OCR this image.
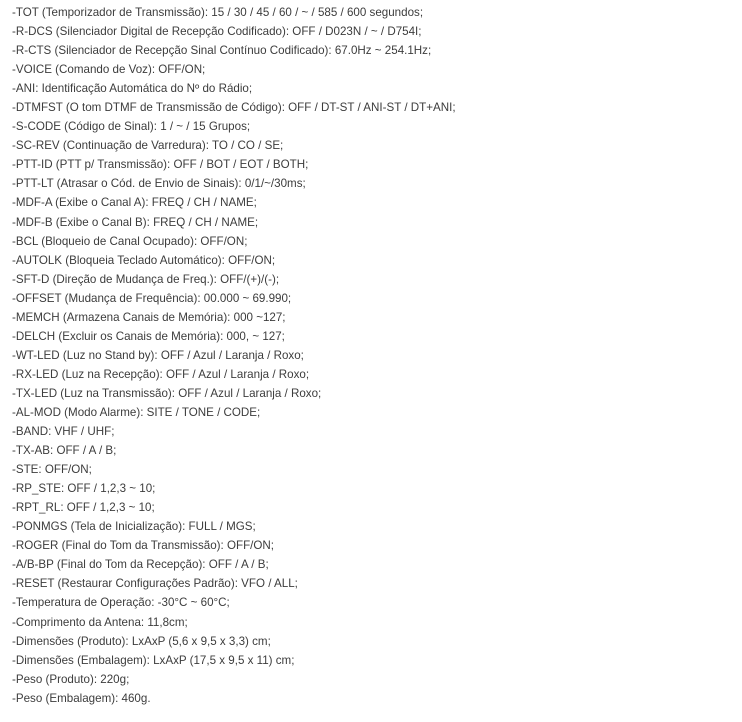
-TOT (Temporizador de Transmissão): 15 / 30 / 45 / 60 / ~ / 585 / 600 segundos;
-R-DCS (Silenciador Digital de Recepção Codificado): OFF / D023N / ~ / D754I;
-R-CTS (Silenciador de Recepção Sinal Contínuo Codificado): 67.0Hz ~ 254.1Hz;
-VOICE (Comando de Voz): OFF/ON;
-ANI: Identificação Automática do Nº do Rádio;
-DTMFST (O tom DTMF de Transmissão de Código): OFF / DT-ST / ANI-ST / DT+ANI;
-S-CODE (Código de Sinal): 1 / ~ / 15 Grupos;
-SC-REV (Continuação de Varredura): TO / CO / SE;
-PTT-ID (PTT p/ Transmissão): OFF / BOT / EOT / BOTH;
-PTT-LT (Atrasar o Cód. de Envio de Sinais): 0/1/~/30ms;
-MDF-A (Exibe o Canal A): FREQ / CH / NAME;
-MDF-B (Exibe o Canal B): FREQ / CH / NAME;
-BCL (Bloqueio de Canal Ocupado): OFF/ON;
-AUTOLK (Bloqueia Teclado Automático): OFF/ON;
-SFT-D (Direção de Mudança de Freq.): OFF/(+)/(-);
-OFFSET (Mudança de Frequência): 00.000 ~ 69.990;
-MEMCH (Armazena Canais de Memória): 000 ~127;
-DELCH (Excluir os Canais de Memória): 000, ~ 127;
-WT-LED (Luz no Stand by): OFF / Azul / Laranja / Roxo;
-RX-LED (Luz na Recepção): OFF / Azul / Laranja / Roxo;
-TX-LED (Luz na Transmissão): OFF / Azul / Laranja / Roxo;
-AL-MOD (Modo Alarme): SITE / TONE / CODE;
-BAND: VHF / UHF;
-TX-AB: OFF / A / B;
-STE: OFF/ON;
-RP_STE: OFF / 1,2,3 ~ 10;
-RPT_RL: OFF / 1,2,3 ~ 10;
-PONMGS (Tela de Inicialização): FULL / MGS;
-ROGER (Final do Tom da Transmissão): OFF/ON;
-A/B-BP (Final do Tom da Recepção): OFF / A / B;
-RESET (Restaurar Configurações Padrão): VFO / ALL;
-Temperatura de Operação: -30°C ~ 60°C;
-Comprimento da Antena: 11,8cm;
-Dimensões (Produto): LxAxP (5,6 x 9,5 x 3,3) cm;
-Dimensões (Embalagem): LxAxP (17,5 x 9,5 x 11) cm;
-Peso (Produto): 220g;
-Peso (Embalagem): 460g.
